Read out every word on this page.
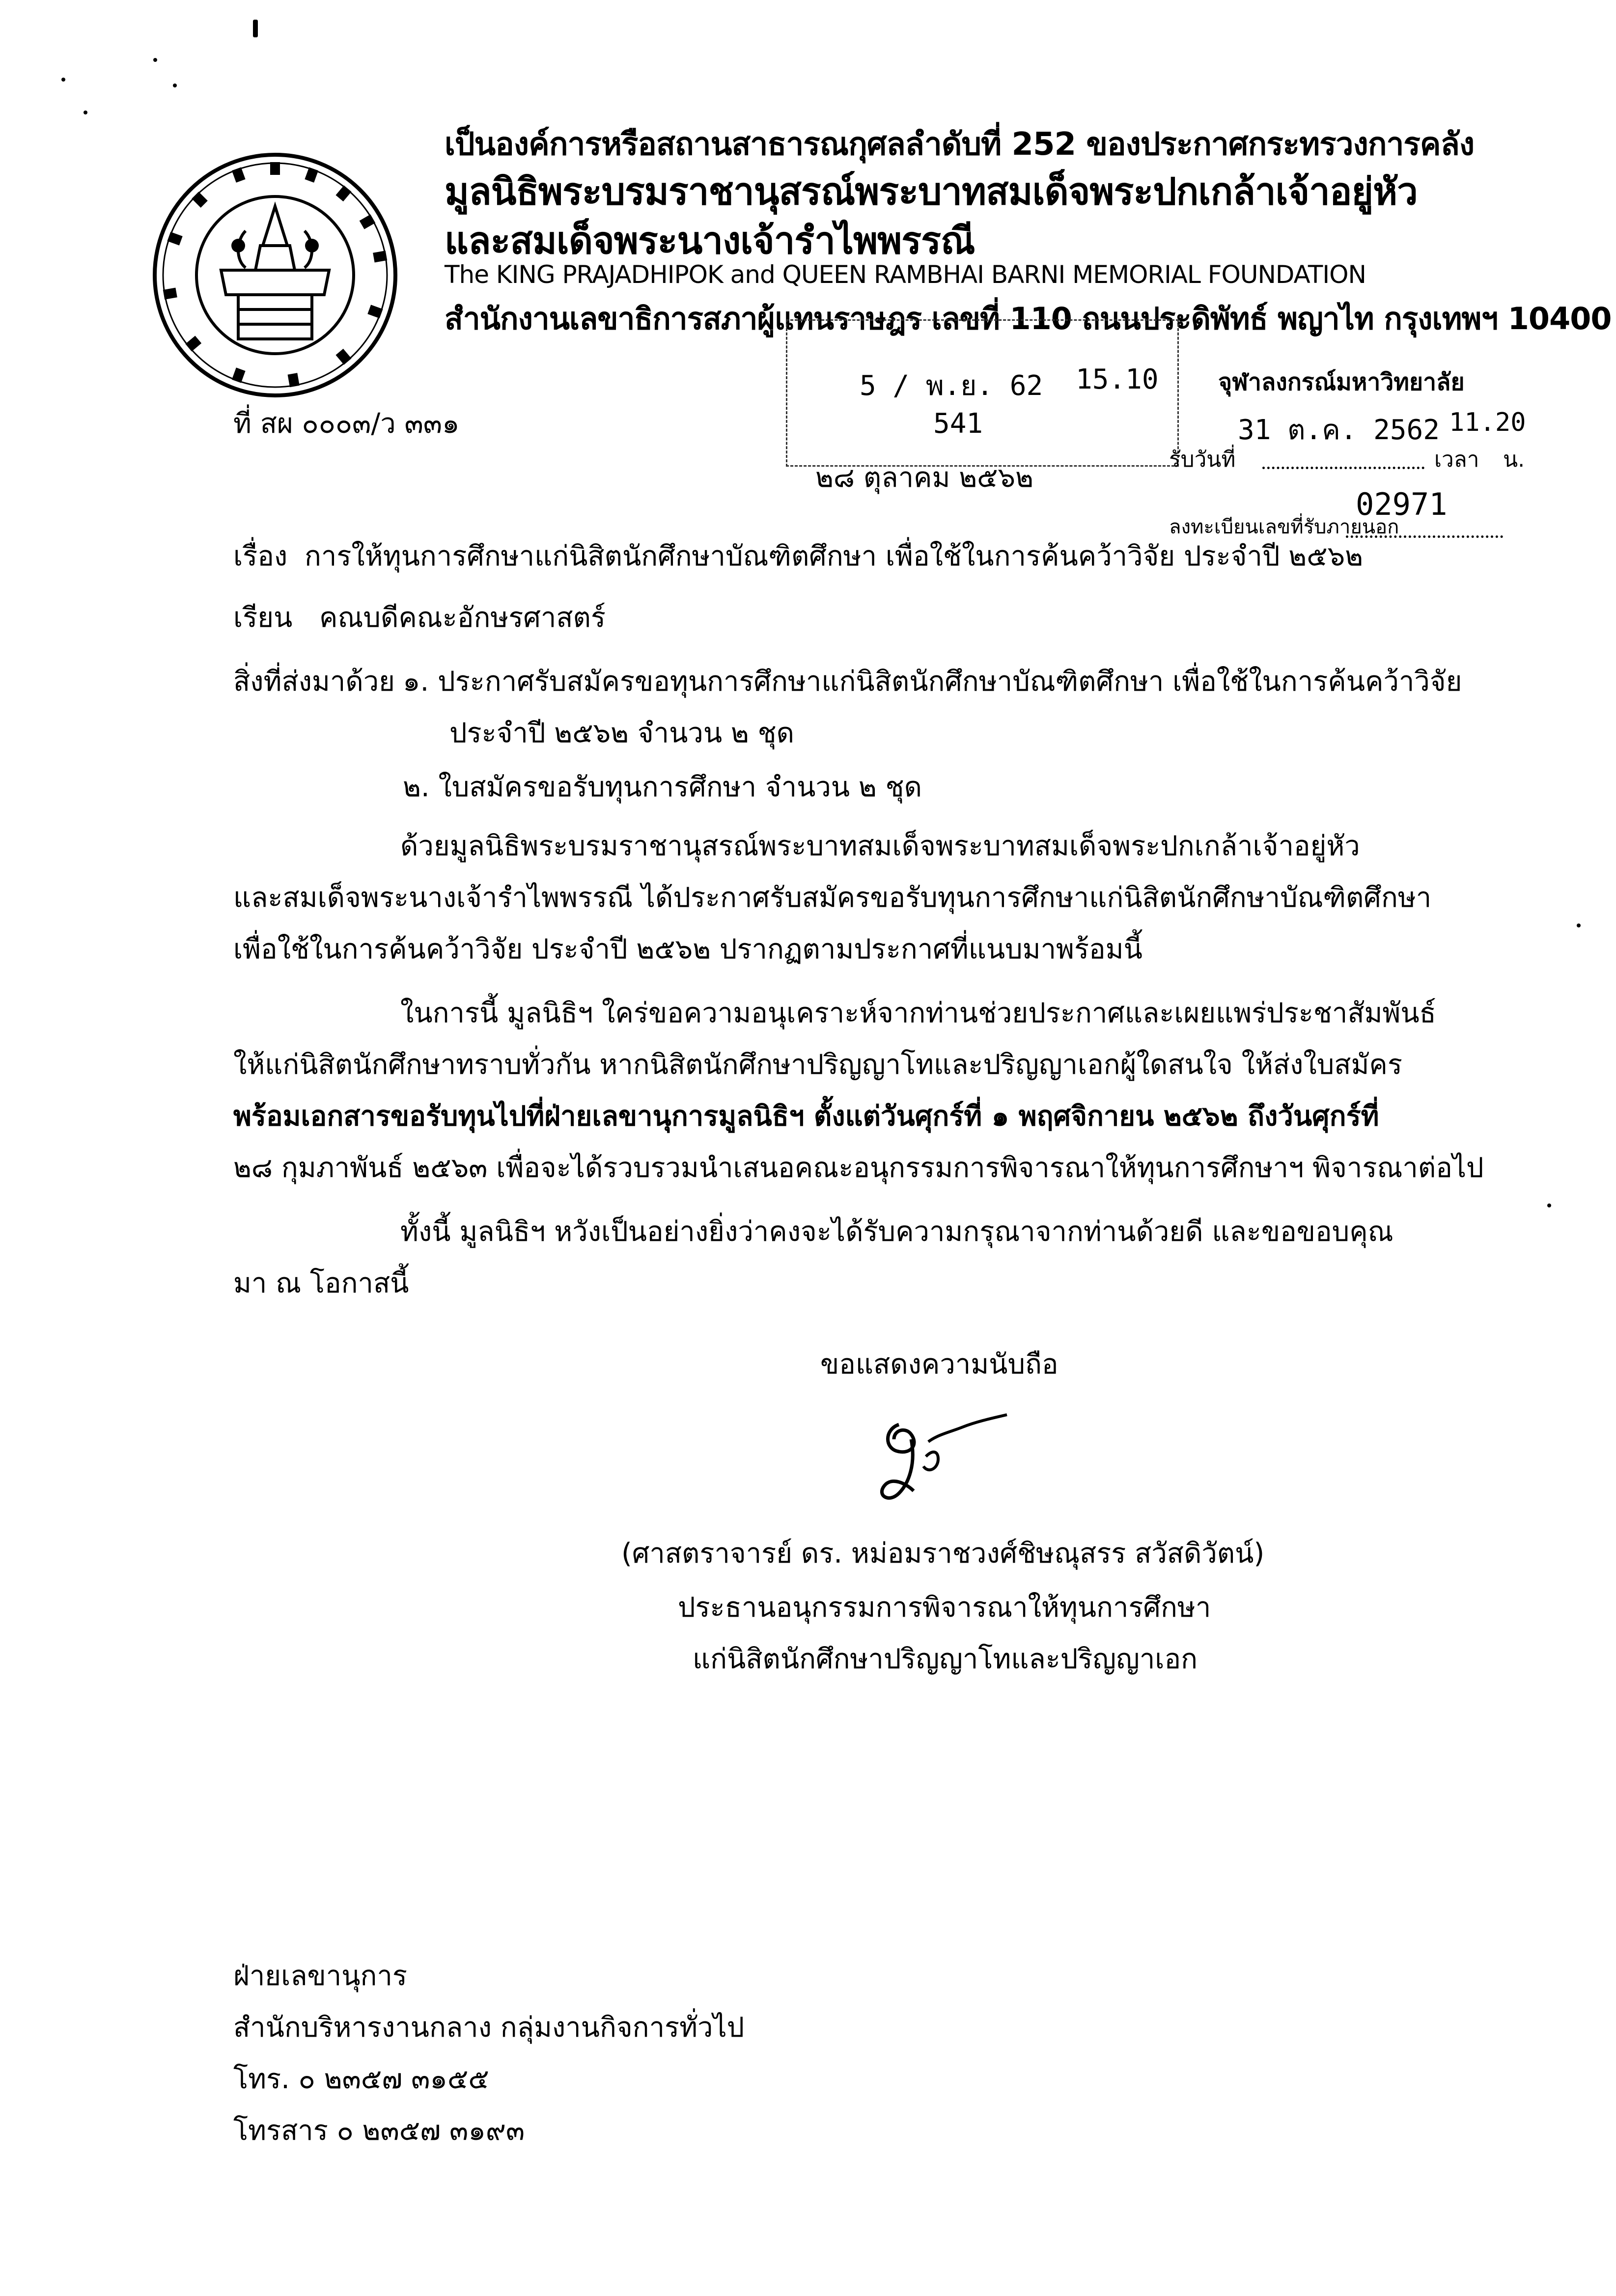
เป็นองค์การหรือสถานสาธารณกุศลลำดับที่ 252 ของประกาศกระทรวงการคลัง
มูลนิธิพระบรมราชานุสรณ์พระบาทสมเด็จพระปกเกล้าเจ้าอยู่หัว
และสมเด็จพระนางเจ้ารำไพพรรณี
The KING PRAJADHIPOK and QUEEN RAMBHAI BARNI MEMORIAL FOUNDATION
สำนักงานเลขาธิการสภาผู้แทนราษฎร เลขที่ 110 ถนนประดิพัทธ์ พญาไท กรุงเทพฯ 10400
5 / พ.ย. 62 15.10
541
จุฬาลงกรณ์มหาวิทยาลัย
31 ต.ค. 2562 11.20
รับวันที่	เวลา น.
ลงทะเบียนเลขที่รับภายนอก
02971
ที่ สผ ๐๐๐๓/ว ๓๓๑
๒๘ ตุลาคม ๒๕๖๒
เรื่อง การให้ทุนการศึกษาแก่นิสิตนักศึกษาบัณฑิตศึกษา เพื่อใช้ในการค้นคว้าวิจัย ประจำปี ๒๕๖๒
เรียน คณบดีคณะอักษรศาสตร์
สิ่งที่ส่งมาด้วย ๑. ประกาศรับสมัครขอทุนการศึกษาแก่นิสิตนักศึกษาบัณฑิตศึกษา เพื่อใช้ในการค้นคว้าวิจัย
ประจำปี ๒๕๖๒ จำนวน ๒ ชุด
๒. ใบสมัครขอรับทุนการศึกษา จำนวน ๒ ชุด
ด้วยมูลนิธิพระบรมราชานุสรณ์พระบาทสมเด็จพระบาทสมเด็จพระปกเกล้าเจ้าอยู่หัว
และสมเด็จพระนางเจ้ารำไพพรรณี ได้ประกาศรับสมัครขอรับทุนการศึกษาแก่นิสิตนักศึกษาบัณฑิตศึกษา
เพื่อใช้ในการค้นคว้าวิจัย ประจำปี ๒๕๖๒ ปรากฏตามประกาศที่แนบมาพร้อมนี้
ในการนี้ มูลนิธิฯ ใคร่ขอความอนุเคราะห์จากท่านช่วยประกาศและเผยแพร่ประชาสัมพันธ์
ให้แก่นิสิตนักศึกษาทราบทั่วกัน หากนิสิตนักศึกษาปริญญาโทและปริญญาเอกผู้ใดสนใจ ให้ส่งใบสมัคร
พร้อมเอกสารขอรับทุนไปที่ฝ่ายเลขานุการมูลนิธิฯ ตั้งแต่วันศุกร์ที่ ๑ พฤศจิกายน ๒๕๖๒ ถึงวันศุกร์ที่
๒๘ กุมภาพันธ์ ๒๕๖๓ เพื่อจะได้รวบรวมนำเสนอคณะอนุกรรมการพิจารณาให้ทุนการศึกษาฯ พิจารณาต่อไป
ทั้งนี้ มูลนิธิฯ หวังเป็นอย่างยิ่งว่าคงจะได้รับความกรุณาจากท่านด้วยดี และขอขอบคุณ
มา ณ โอกาสนี้
ขอแสดงความนับถือ
(ศาสตราจารย์ ดร. หม่อมราชวงศ์ชิษณุสรร สวัสดิวัตน์)
ประธานอนุกรรมการพิจารณาให้ทุนการศึกษา
แก่นิสิตนักศึกษาปริญญาโทและปริญญาเอก
ฝ่ายเลขานุการ
สำนักบริหารงานกลาง กลุ่มงานกิจการทั่วไป
โทร. ๐ ๒๓๕๗ ๓๑๕๕
โทรสาร ๐ ๒๓๕๗ ๓๑๙๓
